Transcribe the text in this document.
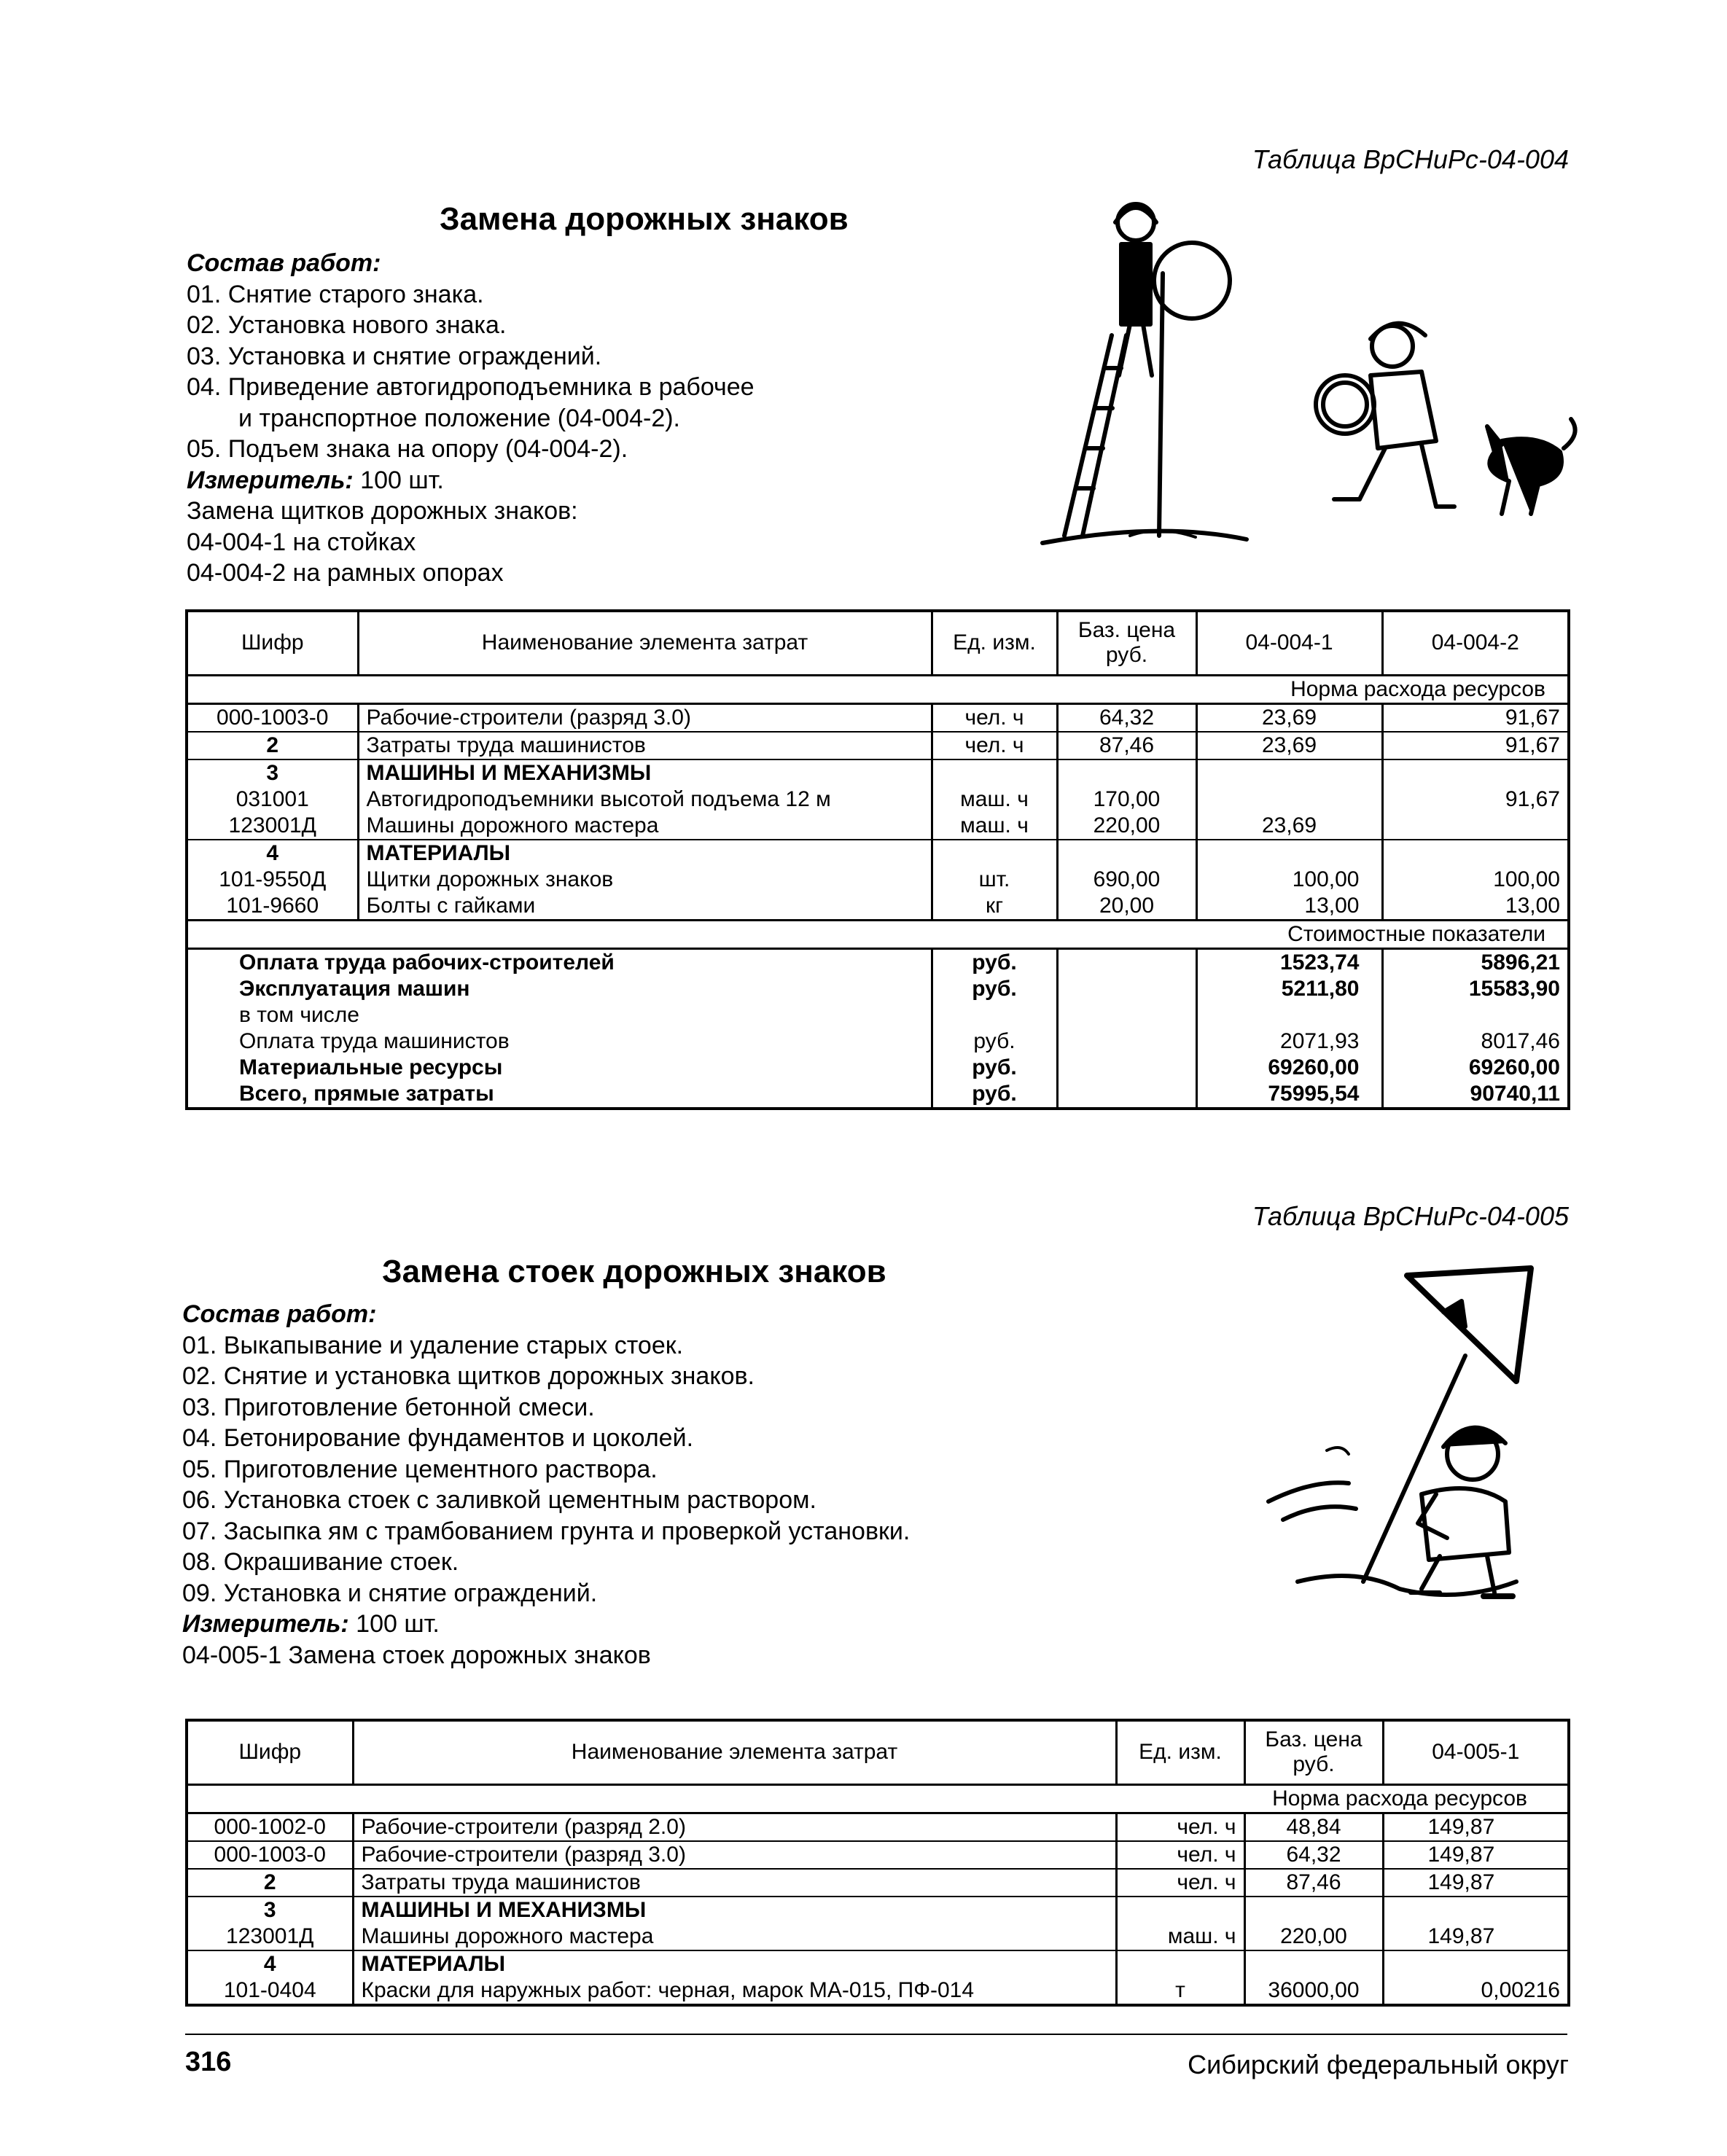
Таблица ВрСНиРс-04-004
Замена дорожных знаков
Состав работ:
01. Снятие старого знака.
02. Установка нового знака.
03. Установка и снятие ограждений.
04. Приведение автогидроподъемника в рабочее
и транспортное положение (04-004-2).
05. Подъем знака на опору (04-004-2).
Измеритель: 100 шт.
Замена щитков дорожных знаков:
04-004-1 на стойках
04-004-2 на рамных опорах
Шифр	Наименование элемента затрат	Ед. изм.	Баз. цена руб.	04-004-1	04-004-2
Норма расхода ресурсов					
000-1003-0	Рабочие-строители (разряд 3.0)	чел. ч	64,32	23,69	91,67
2	Затраты труда машинистов	чел. ч	87,46	23,69	91,67
3	МАШИНЫ И МЕХАНИЗМЫ				
031001	Автогидроподъемники высотой подъема 12 м	маш. ч	170,00		91,67
123001Д	Машины дорожного мастера	маш. ч	220,00	23,69	
4	МАТЕРИАЛЫ				
101-9550Д	Щитки дорожных знаков	шт.	690,00	100,00	100,00
101-9660	Болты с гайками	кг	20,00	13,00	13,00
Стоимостные показатели					
Оплата труда рабочих-строителей		руб.		1523,74	5896,21
Эксплуатация машин		руб.		5211,80	15583,90
в том числе					
Оплата труда машинистов		руб.		2071,93	8017,46
Материальные ресурсы		руб.		69260,00	69260,00
Всего, прямые затраты		руб.		75995,54	90740,11
Таблица ВрСНиРс-04-005
Замена стоек дорожных знаков
Состав работ:
01. Выкапывание и удаление старых стоек.
02. Снятие и установка щитков дорожных знаков.
03. Приготовление бетонной смеси.
04. Бетонирование фундаментов и цоколей.
05. Приготовление цементного раствора.
06. Установка стоек с заливкой цементным раствором.
07. Засыпка ям с трамбованием грунта и проверкой установки.
08. Окрашивание стоек.
09. Установка и снятие ограждений.
Измеритель: 100 шт.
04-005-1 Замена стоек дорожных знаков
Шифр	Наименование элемента затрат	Ед. изм.	Баз. цена руб.	04-005-1
Норма расхода ресурсов				
000-1002-0	Рабочие-строители (разряд 2.0)	чел. ч	48,84	149,87
000-1003-0	Рабочие-строители (разряд 3.0)	чел. ч	64,32	149,87
2	Затраты труда машинистов	чел. ч	87,46	149,87
3	МАШИНЫ И МЕХАНИЗМЫ			
123001Д	Машины дорожного мастера	маш. ч	220,00	149,87
4	МАТЕРИАЛЫ			
101-0404	Краски для наружных работ: черная, марок МА-015, ПФ-014	т	36000,00	0,00216
316	Сибирский федеральный округ
